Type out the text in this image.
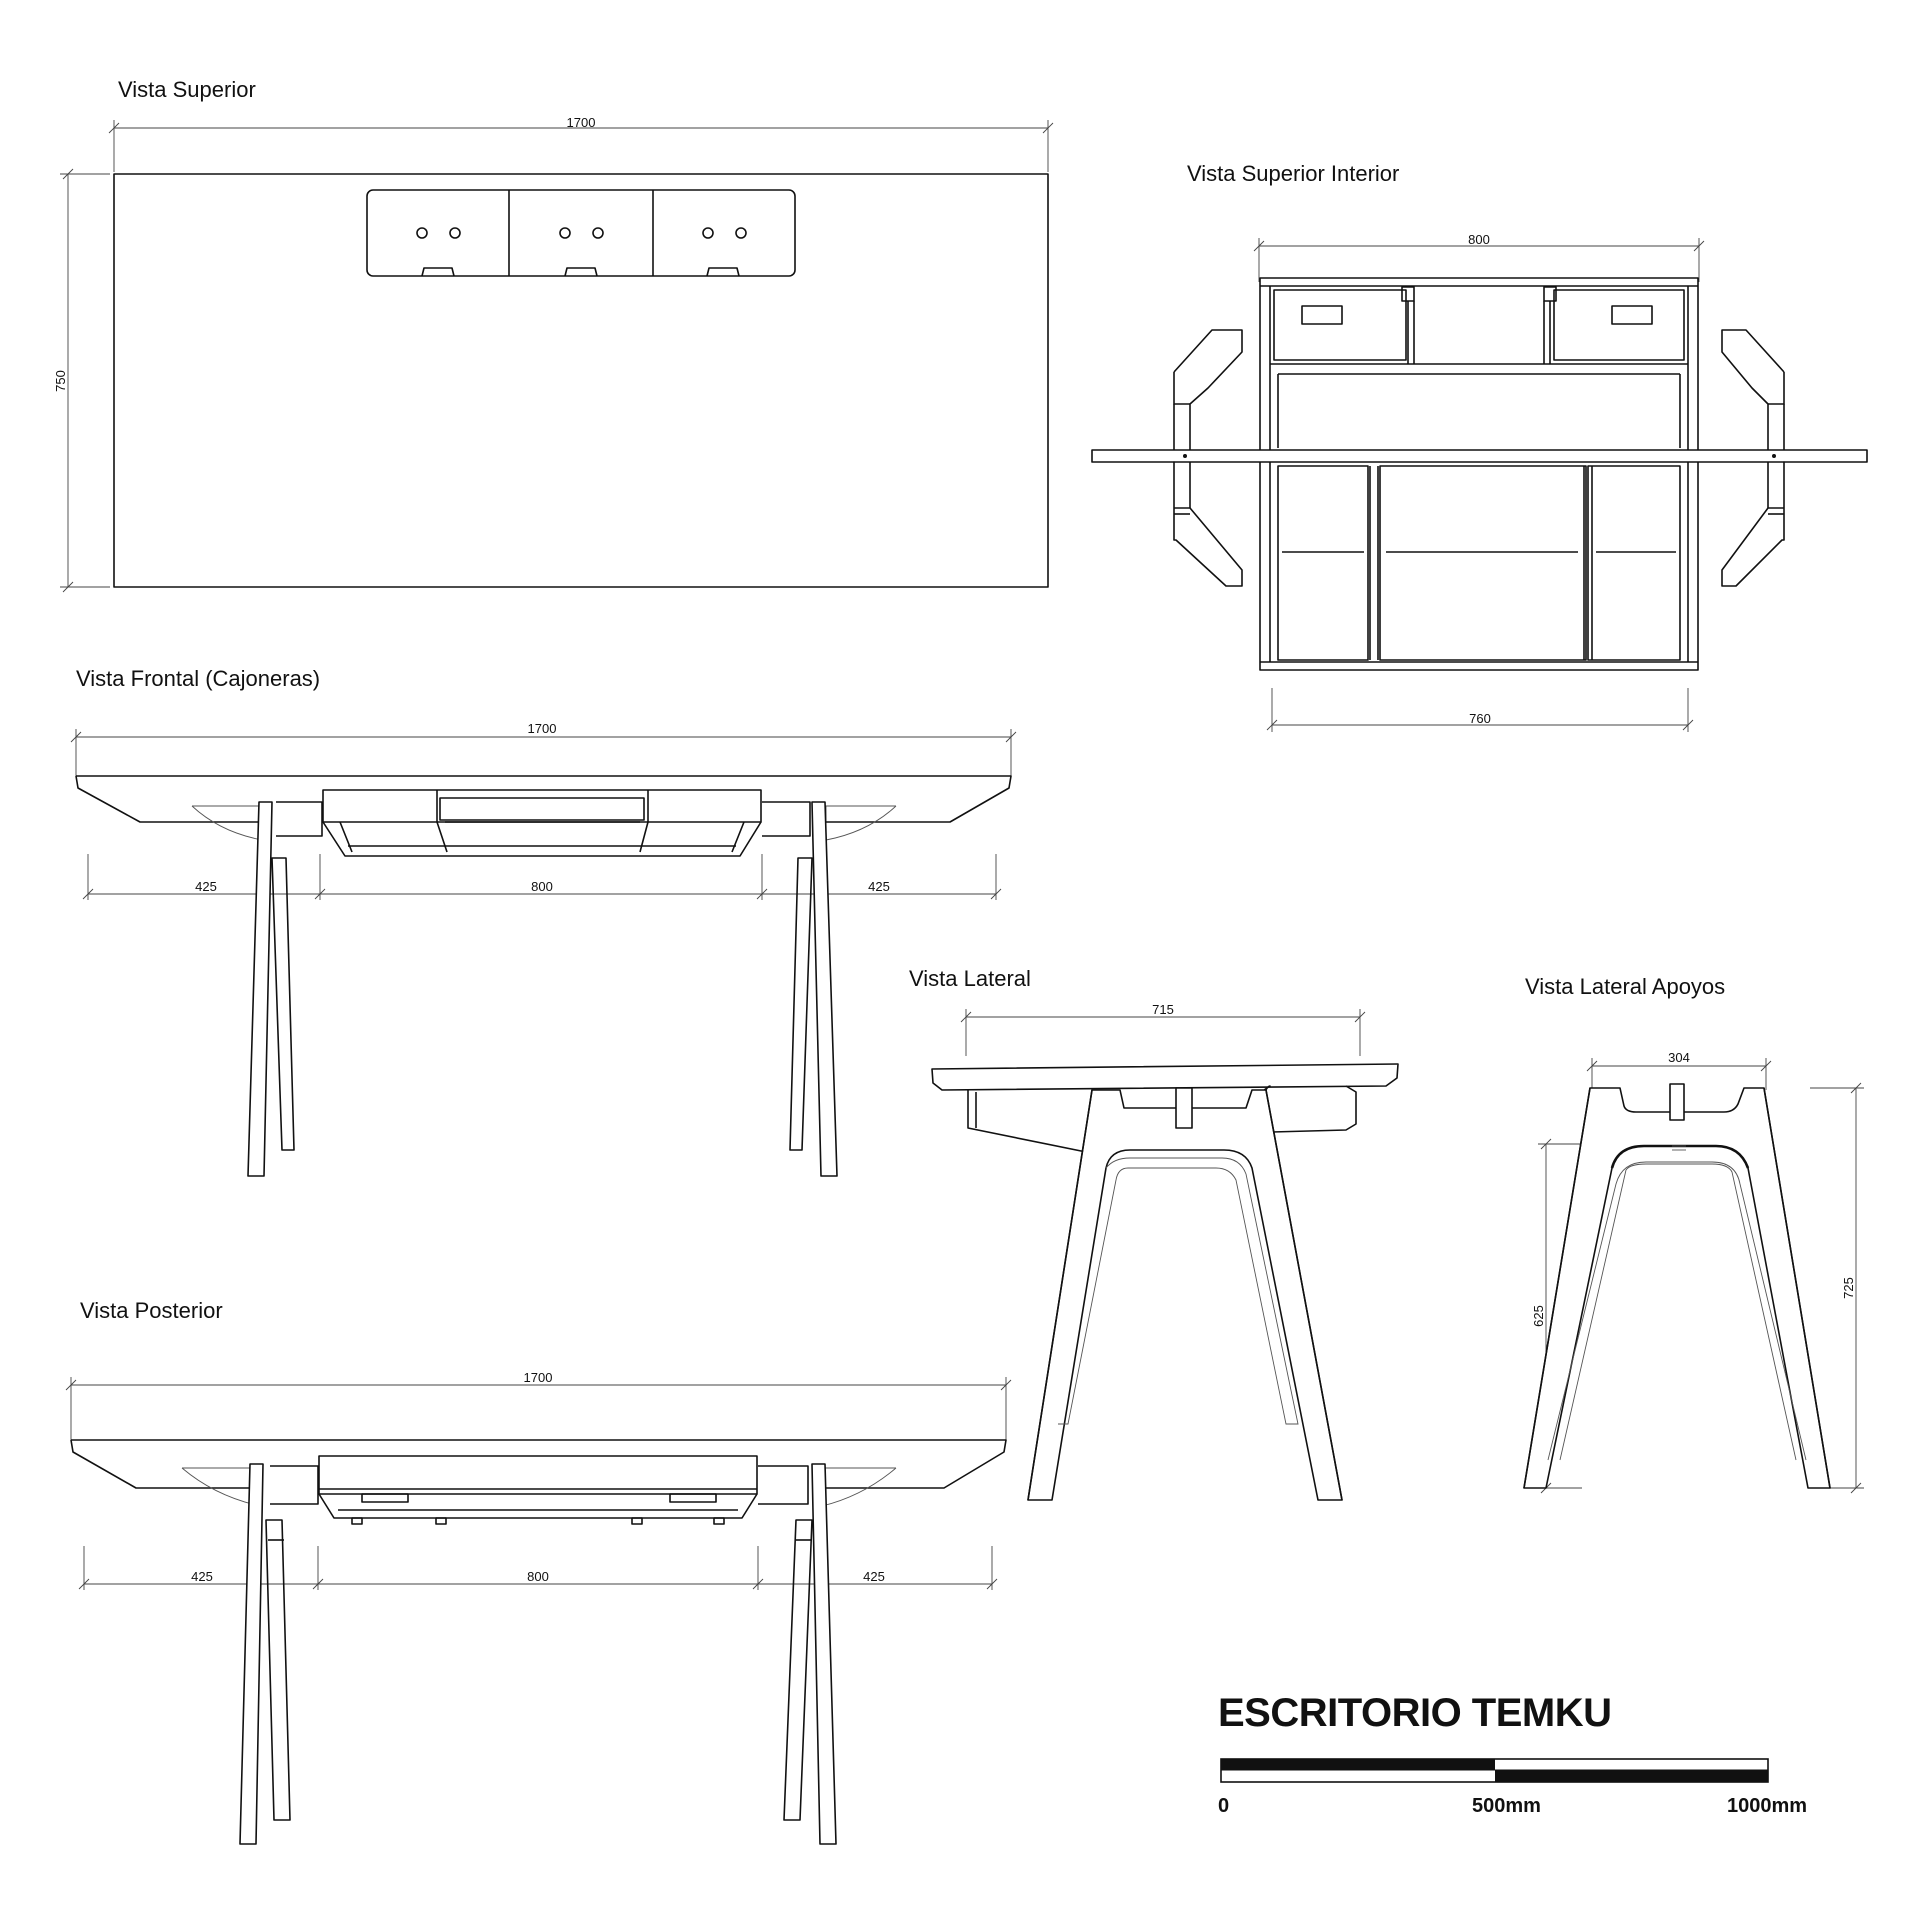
Vista Superior
1700
750
Vista Superior Interior
800
760
Vista Frontal (Cajoneras)
1700
425	800	425
Vista Posterior
1700
425	800	425
Vista Lateral
715
Vista Lateral Apoyos
304
625
725
ESCRITORIO TEMKU
0	500mm	1000mm
